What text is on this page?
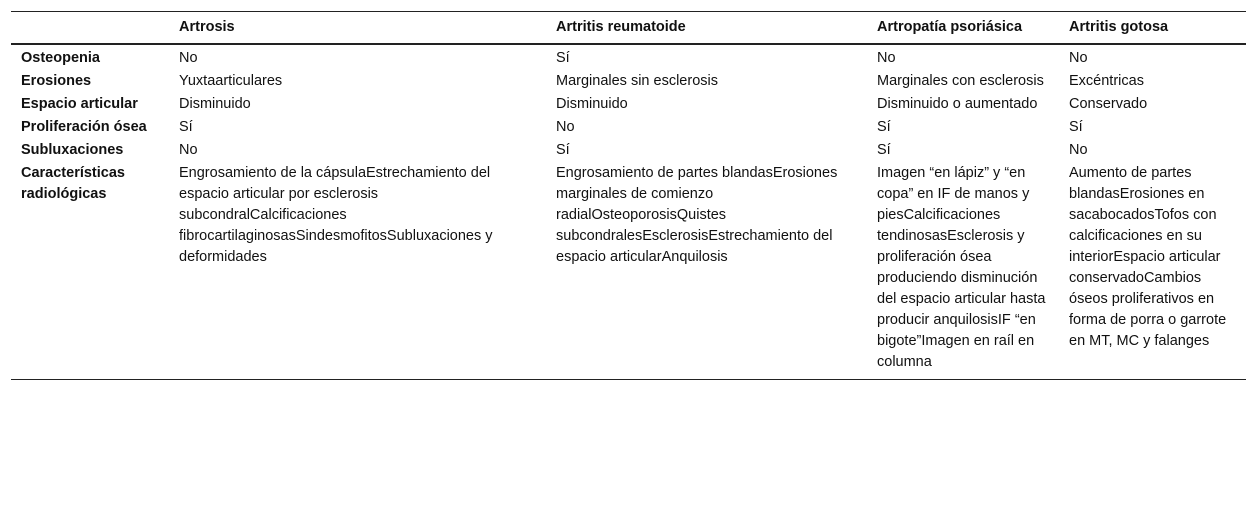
	Artrosis	Artritis reumatoide	Artropatía psoriásica	Artritis gotosa
Osteopenia	No	Sí	No	No
Erosiones	Yuxtaarticulares	Marginales sin esclerosis	Marginales con esclerosis	Excéntricas
Espacio articular	Disminuido	Disminuido	Disminuido o aumentado	Conservado
Proliferación ósea	Sí	No	Sí	Sí
Subluxaciones	No	Sí	Sí	No
Características radiológicas	Engrosamiento de la cápsulaEstrechamiento del espacio articular por esclerosis subcondralCalcificaciones fibrocartilaginosasSindesmofitosSubluxaciones y deformidades	Engrosamiento de partes blandasErosiones marginales de comienzo radialOsteoporosisQuistes subcondralesEsclerosisEstrechamiento del espacio articularAnquilosis	Imagen “en lápiz” y “en copa” en IF de manos y piesCalcificaciones tendinosasEsclerosis y proliferación ósea produciendo disminución del espacio articular hasta producir anquilosisIF “en bigote”Imagen en raíl en columna	Aumento de partes blandasErosiones en sacabocadosTofos con calcificaciones en su interiorEspacio articular conservadoCambios óseos proliferativos en forma de porra o garrote en MT, MC y falanges
